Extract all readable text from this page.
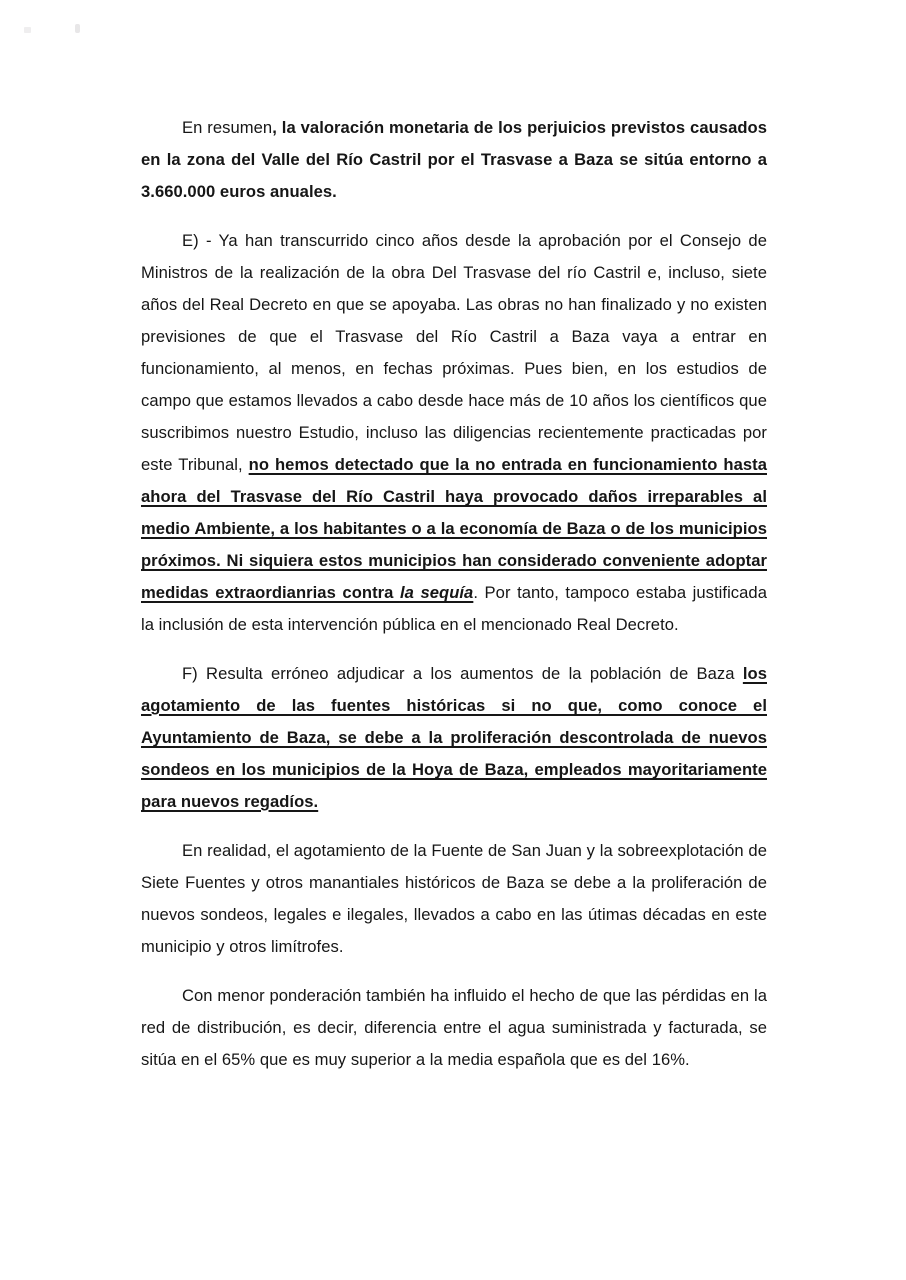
En resumen, la valoración monetaria de los perjuicios previstos causados en la zona del Valle del Río Castril por el Trasvase a Baza se sitúa entorno a 3.660.000 euros anuales.

E) - Ya han transcurrido cinco años desde la aprobación por el Consejo de Ministros de la realización de la obra Del Trasvase del río Castril e, incluso, siete años del Real Decreto en que se apoyaba. Las obras no han finalizado y no existen previsiones de que el Trasvase del Río Castril a Baza vaya a entrar en funcionamiento, al menos, en fechas próximas. Pues bien, en los estudios de campo que estamos llevados a cabo desde hace más de 10 años los científicos que suscribimos nuestro Estudio, incluso las diligencias recientemente practicadas por este Tribunal, no hemos detectado que la no entrada en funcionamiento hasta ahora del Trasvase del Río Castril haya provocado daños irreparables al medio Ambiente, a los habitantes o a la economía de Baza o de los municipios próximos. Ni siquiera estos municipios han considerado conveniente adoptar medidas extraordianrias contra la sequía. Por tanto, tampoco estaba justificada la inclusión de esta intervención pública en el mencionado Real Decreto.

F) Resulta erróneo adjudicar a los aumentos de la población de Baza los agotamiento de las fuentes históricas si no que, como conoce el Ayuntamiento de Baza, se debe a la proliferación descontrolada de nuevos sondeos en los municipios de la Hoya de Baza, empleados mayoritariamente para nuevos regadíos.

En realidad, el agotamiento de la Fuente de San Juan y la sobreexplotación de Siete Fuentes y otros manantiales históricos de Baza se debe a la proliferación de nuevos sondeos, legales e ilegales, llevados a cabo en las útimas décadas en este municipio y otros limítrofes.

Con menor ponderación también ha influido el hecho de que las pérdidas en la red de distribución, es decir, diferencia entre el agua suministrada y facturada, se sitúa en el 65% que es muy superior a la media española que es del 16%.
